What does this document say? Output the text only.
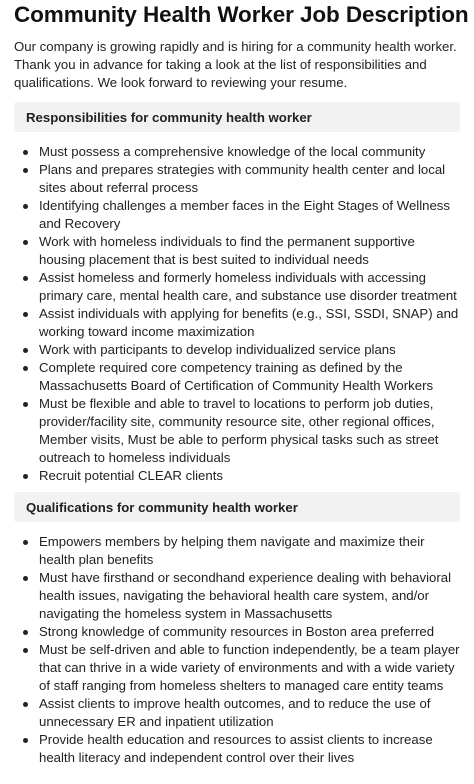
Community Health Worker Job Description

Our company is growing rapidly and is hiring for a community health worker. Thank you in advance for taking a look at the list of responsibilities and qualifications. We look forward to reviewing your resume.

Responsibilities for community health worker
Must possess a comprehensive knowledge of the local community
Plans and prepares strategies with community health center and local sites about referral process
Identifying challenges a member faces in the Eight Stages of Wellness and Recovery
Work with homeless individuals to find the permanent supportive housing placement that is best suited to individual needs
Assist homeless and formerly homeless individuals with accessing primary care, mental health care, and substance use disorder treatment
Assist individuals with applying for benefits (e.g., SSI, SSDI, SNAP) and working toward income maximization
Work with participants to develop individualized service plans
Complete required core competency training as defined by the Massachusetts Board of Certification of Community Health Workers
Must be flexible and able to travel to locations to perform job duties, provider/facility site, community resource site, other regional offices, Member visits, Must be able to perform physical tasks such as street outreach to homeless individuals
Recruit potential CLEAR clients
Qualifications for community health worker
Empowers members by helping them navigate and maximize their health plan benefits
Must have firsthand or secondhand experience dealing with behavioral health issues, navigating the behavioral health care system, and/or navigating the homeless system in Massachusetts
Strong knowledge of community resources in Boston area preferred
Must be self-driven and able to function independently, be a team player that can thrive in a wide variety of environments and with a wide variety of staff ranging from homeless shelters to managed care entity teams
Assist clients to improve health outcomes, and to reduce the use of unnecessary ER and inpatient utilization
Provide health education and resources to assist clients to increase health literacy and independent control over their lives
